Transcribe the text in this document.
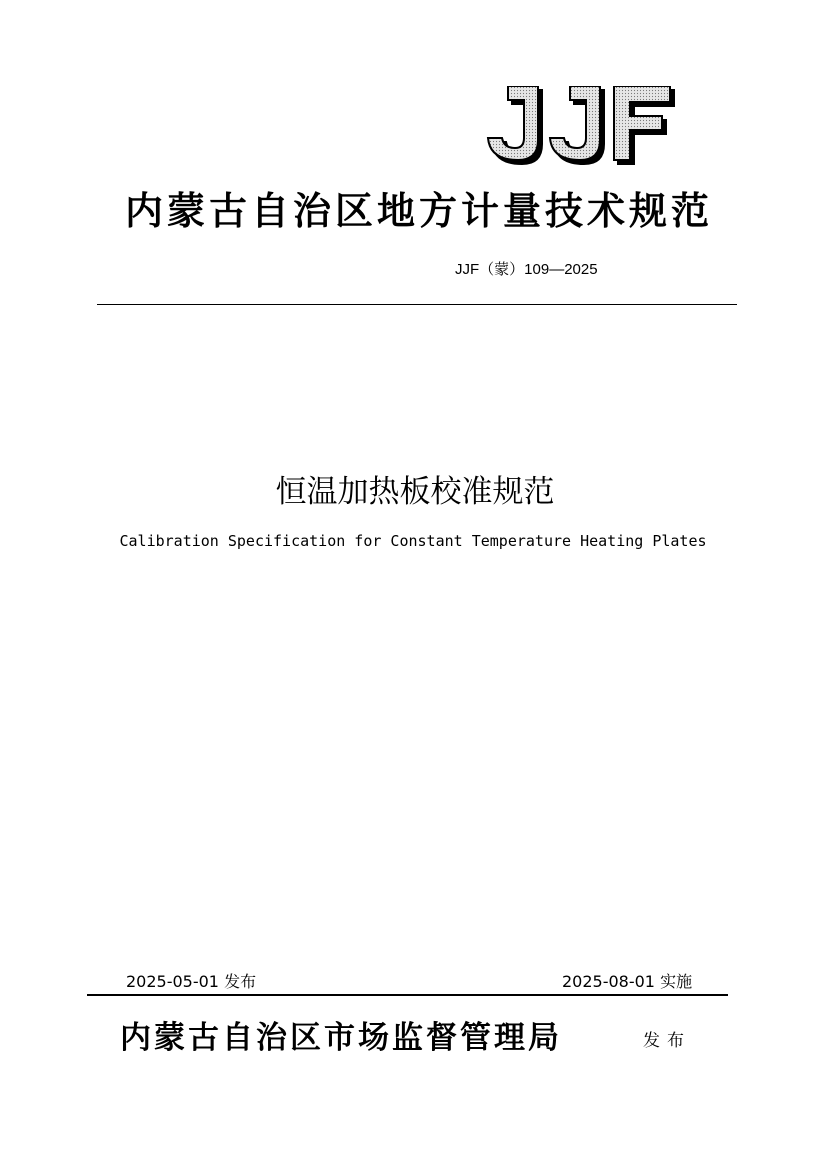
内蒙古自治区地方计量技术规范
JJF（蒙）109—2025
恒温加热板校准规范
Calibration Specification for Constant Temperature Heating Plates
2025-05-01 发布	2025-08-01 实施
内蒙古自治区市场监督管理局	发布
